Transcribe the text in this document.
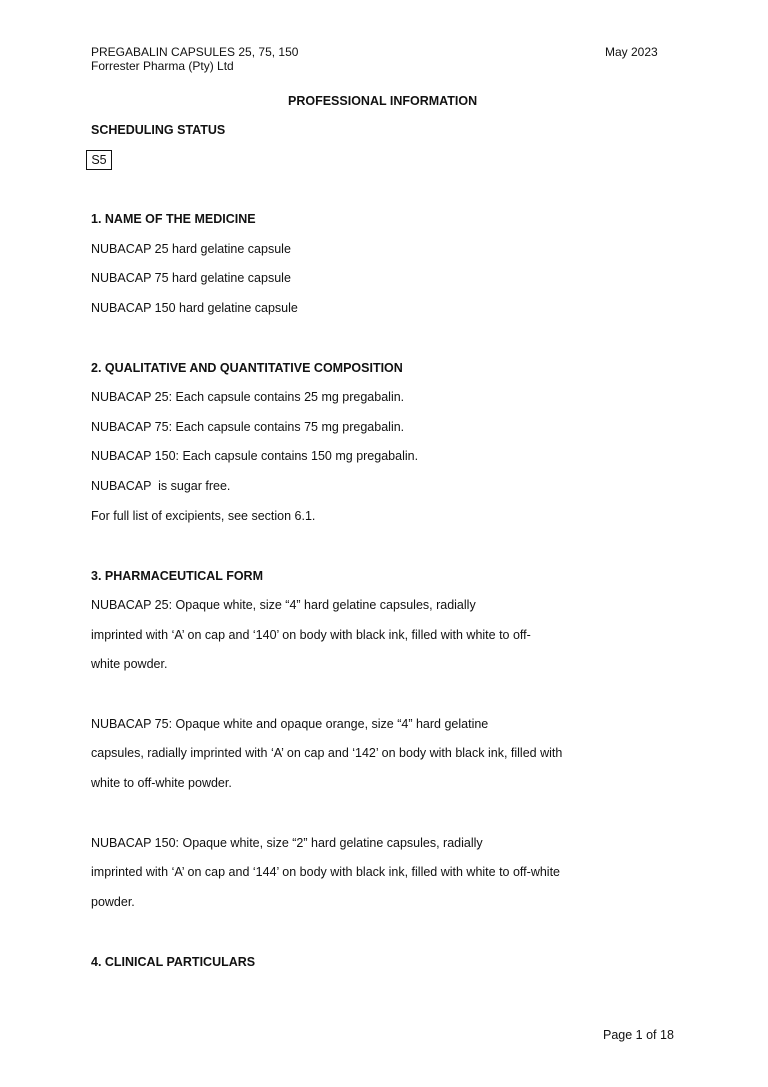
PREGABALIN CAPSULES 25, 75, 150
Forrester Pharma (Pty) Ltd
May 2023
PROFESSIONAL INFORMATION
SCHEDULING STATUS
S5
1. NAME OF THE MEDICINE
NUBACAP 25 hard gelatine capsule
NUBACAP 75 hard gelatine capsule
NUBACAP 150 hard gelatine capsule
2. QUALITATIVE AND QUANTITATIVE COMPOSITION
NUBACAP 25: Each capsule contains 25 mg pregabalin.
NUBACAP 75: Each capsule contains 75 mg pregabalin.
NUBACAP 150: Each capsule contains 150 mg pregabalin.
NUBACAP  is sugar free.
For full list of excipients, see section 6.1.
3. PHARMACEUTICAL FORM
NUBACAP 25: Opaque white, size “4” hard gelatine capsules, radially
imprinted with ‘A’ on cap and ‘140’ on body with black ink, filled with white to off-
white powder.
NUBACAP 75: Opaque white and opaque orange, size “4” hard gelatine
capsules, radially imprinted with ‘A’ on cap and ‘142’ on body with black ink, filled with
white to off-white powder.
NUBACAP 150: Opaque white, size “2” hard gelatine capsules, radially
imprinted with ‘A’ on cap and ‘144’ on body with black ink, filled with white to off-white
powder.
4. CLINICAL PARTICULARS
Page 1 of 18
